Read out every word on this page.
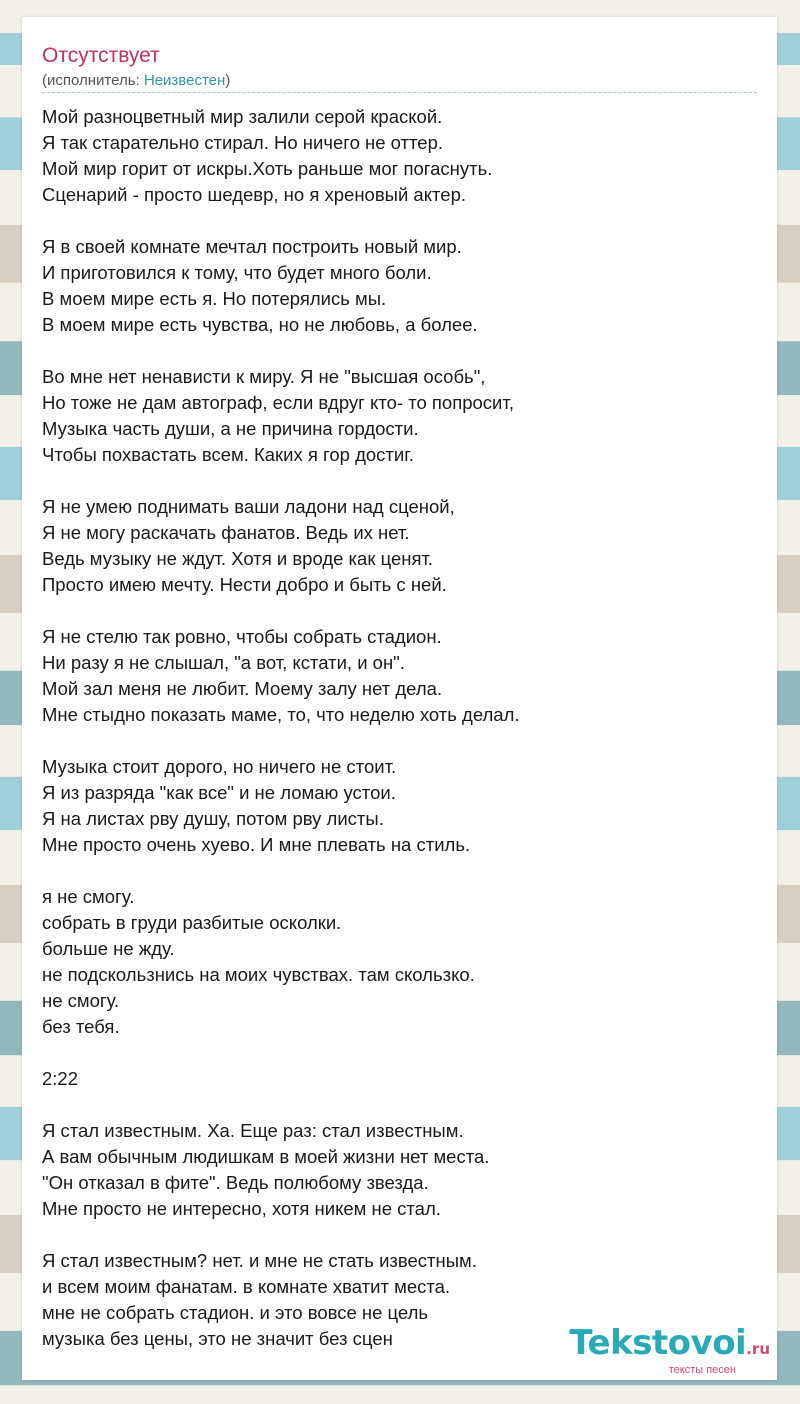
Отсутствует
(исполнитель: Неизвестен)
Мой разноцветный мир залили серой краской.
Я так старательно стирал. Но ничего не оттер.
Мой мир горит от искры.Хоть раньше мог погаснуть.
Сценарий - просто шедевр, но я хреновый актер.
Я в своей комнате мечтал построить новый мир.
И приготовился к тому, что будет много боли.
В моем мире есть я. Но потерялись мы.
В моем мире есть чувства, но не любовь, а более.
Во мне нет ненависти к миру. Я не "высшая особь",
Но тоже не дам автограф, если вдруг кто- то попросит,
Музыка часть души, а не причина гордости.
Чтобы похвастать всем. Каких я гор достиг.
Я не умею поднимать ваши ладони над сценой,
Я не могу раскачать фанатов. Ведь их нет.
Ведь музыку не ждут. Хотя и вроде как ценят.
Просто имею мечту. Нести добро и быть с ней.
Я не стелю так ровно, чтобы собрать стадион.
Ни разу я не слышал, "а вот, кстати, и он".
Мой зал меня не любит. Моему залу нет дела.
Мне стыдно показать маме, то, что неделю хоть делал.
Музыка стоит дорого, но ничего не стоит.
Я из разряда "как все" и не ломаю устои.
Я на листах рву душу, потом рву листы.
Мне просто очень хуево. И мне плевать на стиль.
я не смогу.
собрать в груди разбитые осколки.
больше не жду.
не подскользнись на моих чувствах. там скользко.
не смогу.
без тебя.
2:22
Я стал известным. Ха. Еще раз: стал известным.
А вам обычным людишкам в моей жизни нет места.
"Он отказал в фите". Ведь полюбому звезда.
Мне просто не интересно, хотя никем не стал.
Я стал известным? нет. и мне не стать известным.
и всем моим фанатам. в комнате хватит места.
мне не собрать стадион. и это вовсе не цель
музыка без цены, это не значит без сцен	Tekstovoi.ru
тексты песен
